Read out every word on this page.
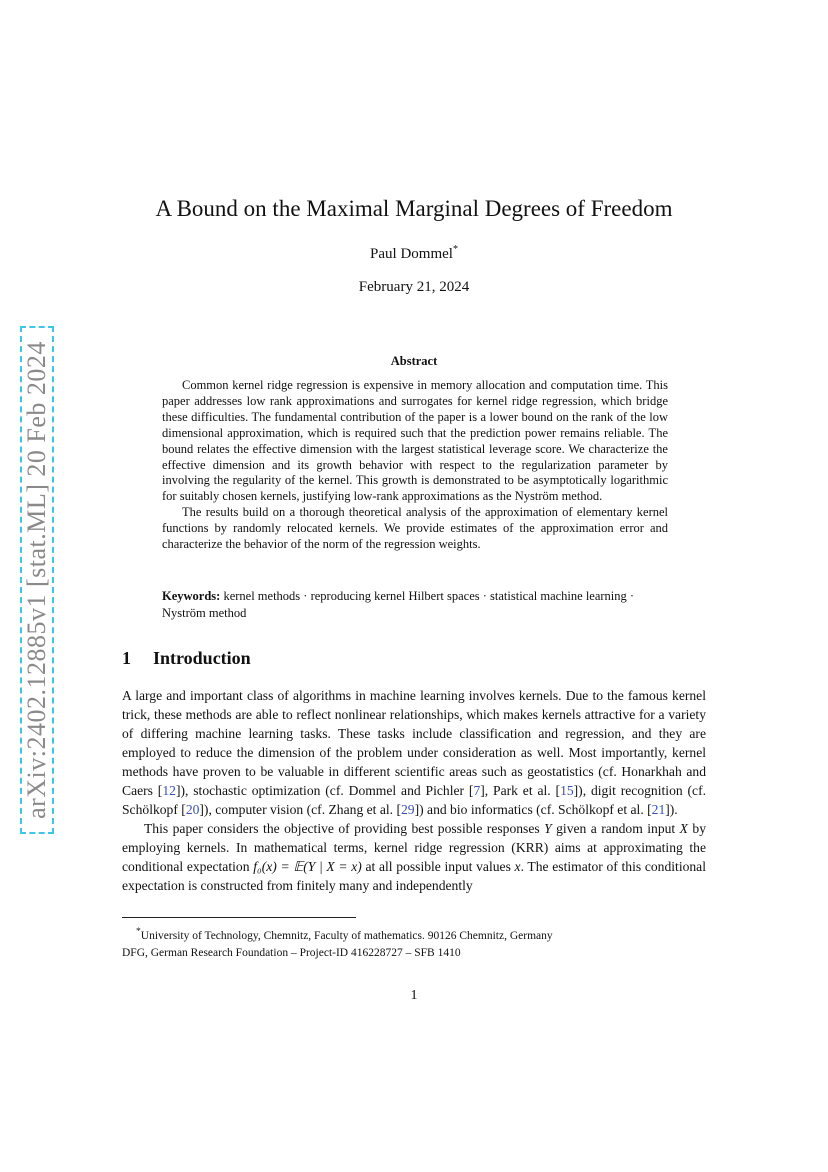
arXiv:2402.12885v1 [stat.ML] 20 Feb 2024
A Bound on the Maximal Marginal Degrees of Freedom
Paul Dommel*
February 21, 2024
Abstract

Common kernel ridge regression is expensive in memory allocation and computation time. This paper addresses low rank approximations and surrogates for kernel ridge regression, which bridge these difficulties. The fundamental contribution of the paper is a lower bound on the rank of the low dimensional approximation, which is required such that the prediction power remains reliable. The bound relates the effective dimension with the largest statistical leverage score. We characterize the effective dimension and its growth behavior with respect to the regularization parameter by involving the regularity of the kernel. This growth is demonstrated to be asymptotically logarithmic for suitably chosen kernels, justifying low-rank approximations as the Nyström method.

The results build on a thorough theoretical analysis of the approximation of elementary kernel functions by randomly relocated kernels. We provide estimates of the approximation error and characterize the behavior of the norm of the regression weights.

Keywords: kernel methods · reproducing kernel Hilbert spaces · statistical machine learning · Nyström method
1 Introduction

A large and important class of algorithms in machine learning involves kernels. Due to the famous kernel trick, these methods are able to reflect nonlinear relationships, which makes kernels attractive for a variety of differing machine learning tasks. These tasks include classification and regression, and they are employed to reduce the dimension of the problem under consideration as well. Most importantly, kernel methods have proven to be valuable in different scientific areas such as geostatistics (cf. Honarkhah and Caers [12]), stochastic optimization (cf. Dommel and Pichler [7], Park et al. [15]), digit recognition (cf. Schölkopf [20]), computer vision (cf. Zhang et al. [29]) and bio informatics (cf. Schölkopf et al. [21]).

This paper considers the objective of providing best possible responses Y given a random input X by employing kernels. In mathematical terms, kernel ridge regression (KRR) aims at approximating the conditional expectation f₀(x) = 𝔼(Y | X = x) at all possible input values x. The estimator of this conditional expectation is constructed from finitely many and independently

*University of Technology, Chemnitz, Faculty of mathematics. 90126 Chemnitz, Germany
DFG, German Research Foundation – Project-ID 416228727 – SFB 1410
1
